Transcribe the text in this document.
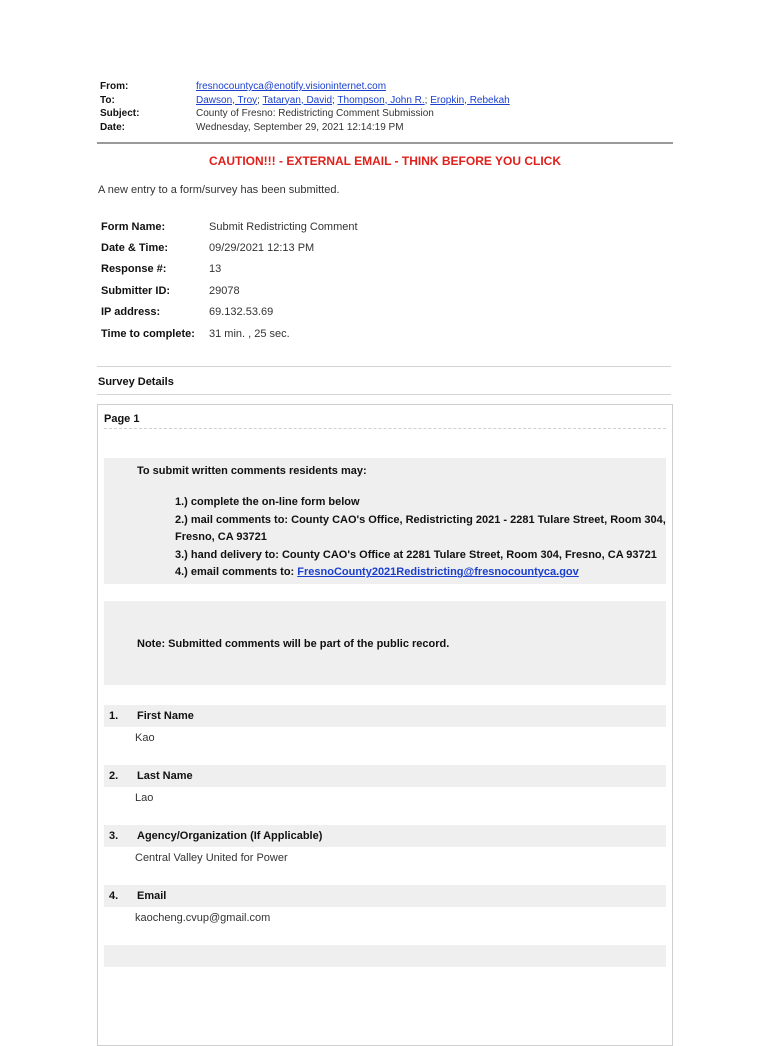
From:	fresnocountyca@enotify.visioninternet.com
To:	Dawson, Troy; Tataryan, David; Thompson, John R.; Eropkin, Rebekah
Subject:	County of Fresno: Redistricting Comment Submission
Date:	Wednesday, September 29, 2021 12:14:19 PM
CAUTION!!! - EXTERNAL EMAIL - THINK BEFORE YOU CLICK
A new entry to a form/survey has been submitted.
Form Name:	Submit Redistricting Comment
Date & Time:	09/29/2021 12:13 PM
Response #:	13
Submitter ID:	29078
IP address:	69.132.53.69
Time to complete:	31 min. , 25 sec.
Survey Details
Page 1
To submit written comments residents may:
1.) complete the on-line form below
2.) mail comments to: County CAO's Office, Redistricting 2021 - 2281 Tulare Street, Room 304,
Fresno, CA 93721
3.) hand delivery to: County CAO's Office at 2281 Tulare Street, Room 304, Fresno, CA 93721
4.) email comments to: FresnoCounty2021Redistricting@fresnocountyca.gov
Note: Submitted comments will be part of the public record.
1. First Name
Kao
2. Last Name
Lao
3. Agency/Organization (If Applicable)
Central Valley United for Power
4. Email
kaocheng.cvup@gmail.com
